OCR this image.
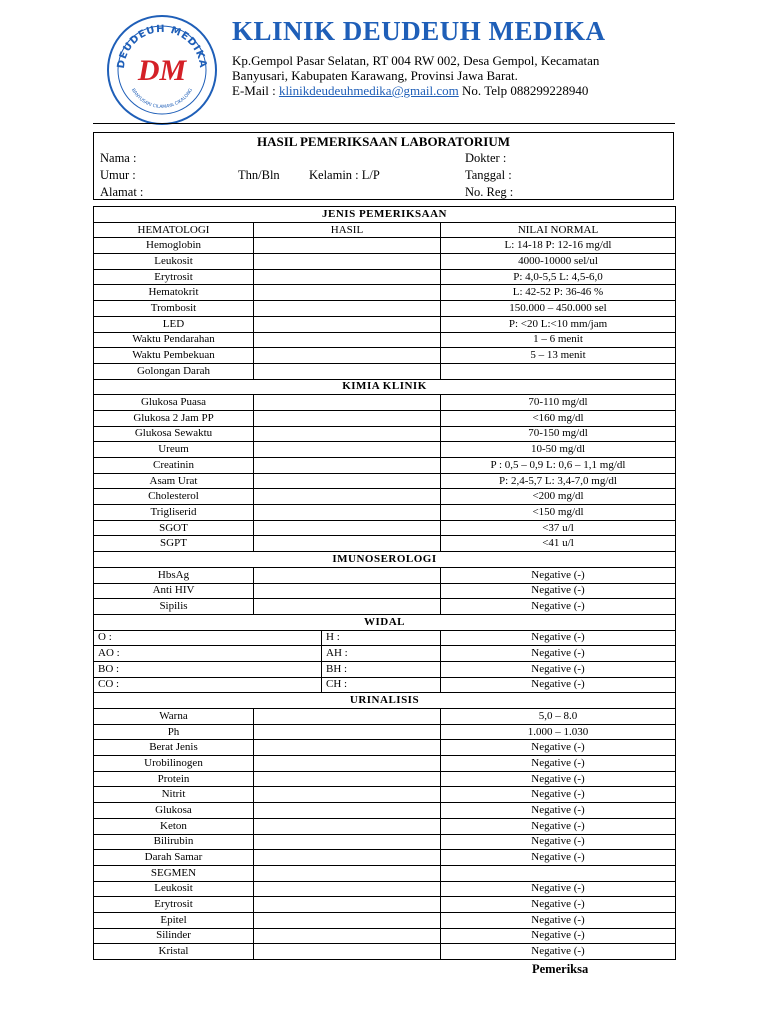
DEUDEUH MEDIKA
BANYUSARI CILAMAYA CIKALONG
DM
KLINIK DEUDEUH MEDIKA
Kp.Gempol Pasar Selatan, RT 004 RW 002, Desa Gempol, Kecamatan
Banyusari, Kabupaten Karawang, Provinsi Jawa Barat.
E-Mail : klinikdeudeuhmedika@gmail.com No. Telp 088299228940
HASIL PEMERIKSAAN LABORATORIUM
Nama :
Umur :	Thn/Bln Kelamin : L/P
Alamat :
Dokter :
Tanggal :
No. Reg :
JENIS PEMERIKSAAN			
HEMATOLOGI	HASIL		NILAI NORMAL
Hemoglobin			L: 14-18 P: 12-16 mg/dl
Leukosit			4000-10000 sel/ul
Erytrosit			P: 4,0-5,5 L: 4,5-6,0
Hematokrit			L: 42-52 P: 36-46 %
Trombosit			150.000 – 450.000 sel
LED			P: <20 L:<10 mm/jam
Waktu Pendarahan			1 – 6 menit
Waktu Pembekuan			5 – 13 menit
Golongan Darah			
KIMIA KLINIK			
Glukosa Puasa			70-110 mg/dl
Glukosa 2 Jam PP			<160 mg/dl
Glukosa Sewaktu			70-150 mg/dl
Ureum			10-50 mg/dl
Creatinin			P : 0,5 – 0,9 L: 0,6 – 1,1 mg/dl
Asam Urat			P: 2,4-5,7 L: 3,4-7,0 mg/dl
Cholesterol			<200 mg/dl
Trigliserid			<150 mg/dl
SGOT			<37 u/l
SGPT			<41 u/l
IMUNOSEROLOGI			
HbsAg			Negative (-)
Anti HIV			Negative (-)
Sipilis			Negative (-)
WIDAL			
O :		H :	Negative (-)
AO :		AH :	Negative (-)
BO :		BH :	Negative (-)
CO :		CH :	Negative (-)
URINALISIS			
Warna			5,0 – 8.0
Ph			1.000 – 1.030
Berat Jenis			Negative (-)
Urobilinogen			Negative (-)
Protein			Negative (-)
Nitrit			Negative (-)
Glukosa			Negative (-)
Keton			Negative (-)
Bilirubin			Negative (-)
Darah Samar			Negative (-)
SEGMEN			
Leukosit			Negative (-)
Erytrosit			Negative (-)
Epitel			Negative (-)
Silinder			Negative (-)
Kristal			Negative (-)
Pemeriksa
